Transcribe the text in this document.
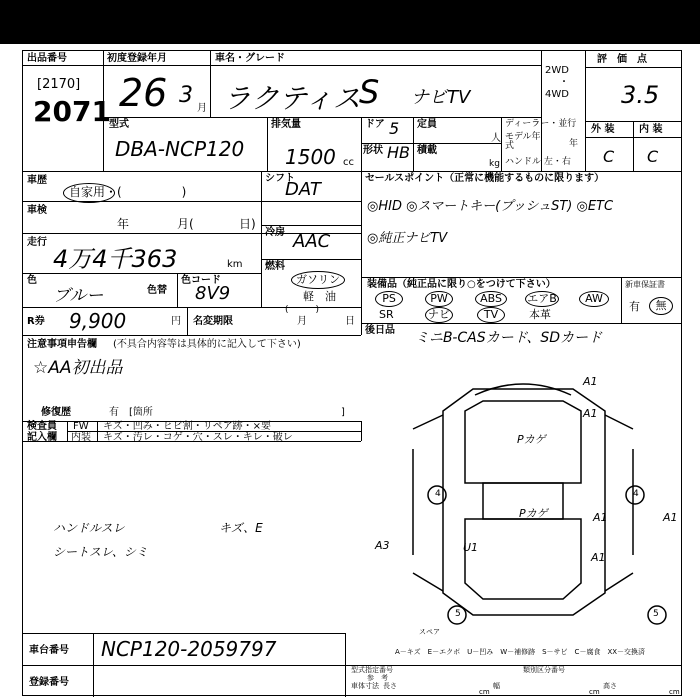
出品番号
[2170]
2071
初度登録年月
26 3
月
車名・グレード
ラクティス
S ナビTV
2WD
・
4WD
評　価　点
3.5
外 装 内 装
C C
型式
DBA-NCP120
排気量
1500 cc
ドア 5
形状 HB
定員
人
積載
kg
ディーラー・並行
モデル年式	年
ハンドル 左・右
車歴
自家用・(　　　　　)
車検
年	月(	日)
走行
4万4千363	km
色
ブルー	色替
色コード
8V9
R券 9,900	円 名変期限	月	日
シフト
DAT
冷房 AAC
燃料
ガソリン
軽　油
(　　　)
セールスポイント（正常に機能するものに限ります）
◎HID ◎スマートキー(プッシュST) ◎ETC
◎純正ナビTV
装備品（純正品に限り○をつけて下さい）	新車保証書
PS	PW	ABS	エアB	AW
SR	ナビ	TV	本革
有	無
後日品 ミニB-CASカード、SDカード
注意事項申告欄 (不具合内容等は具体的に記入して下さい)
☆AA初出品
修復歴	有　[箇所	]
検査員
記入欄
FW キズ・凹み・ヒビ割・リペア跡・×要
内装 キズ・汚レ・コゲ・穴・スレ・キレ・破レ
ハンドルスレ
シートスレ、シミ
キズ、E
4	4
5	5
A1
A1
Pカゲ
Pカゲ	A1	A1
A3	U1
A1
スペア
A－キズ　E－エクボ　U－凹み　W－補修跡　S－サビ　C－腐食　XX－交換済
車台番号 NCP120-2059797
登録番号
型式指定番号	類別区分番号
車体寸法 長さ
cm
幅
cm
高さ
cm
参　考
